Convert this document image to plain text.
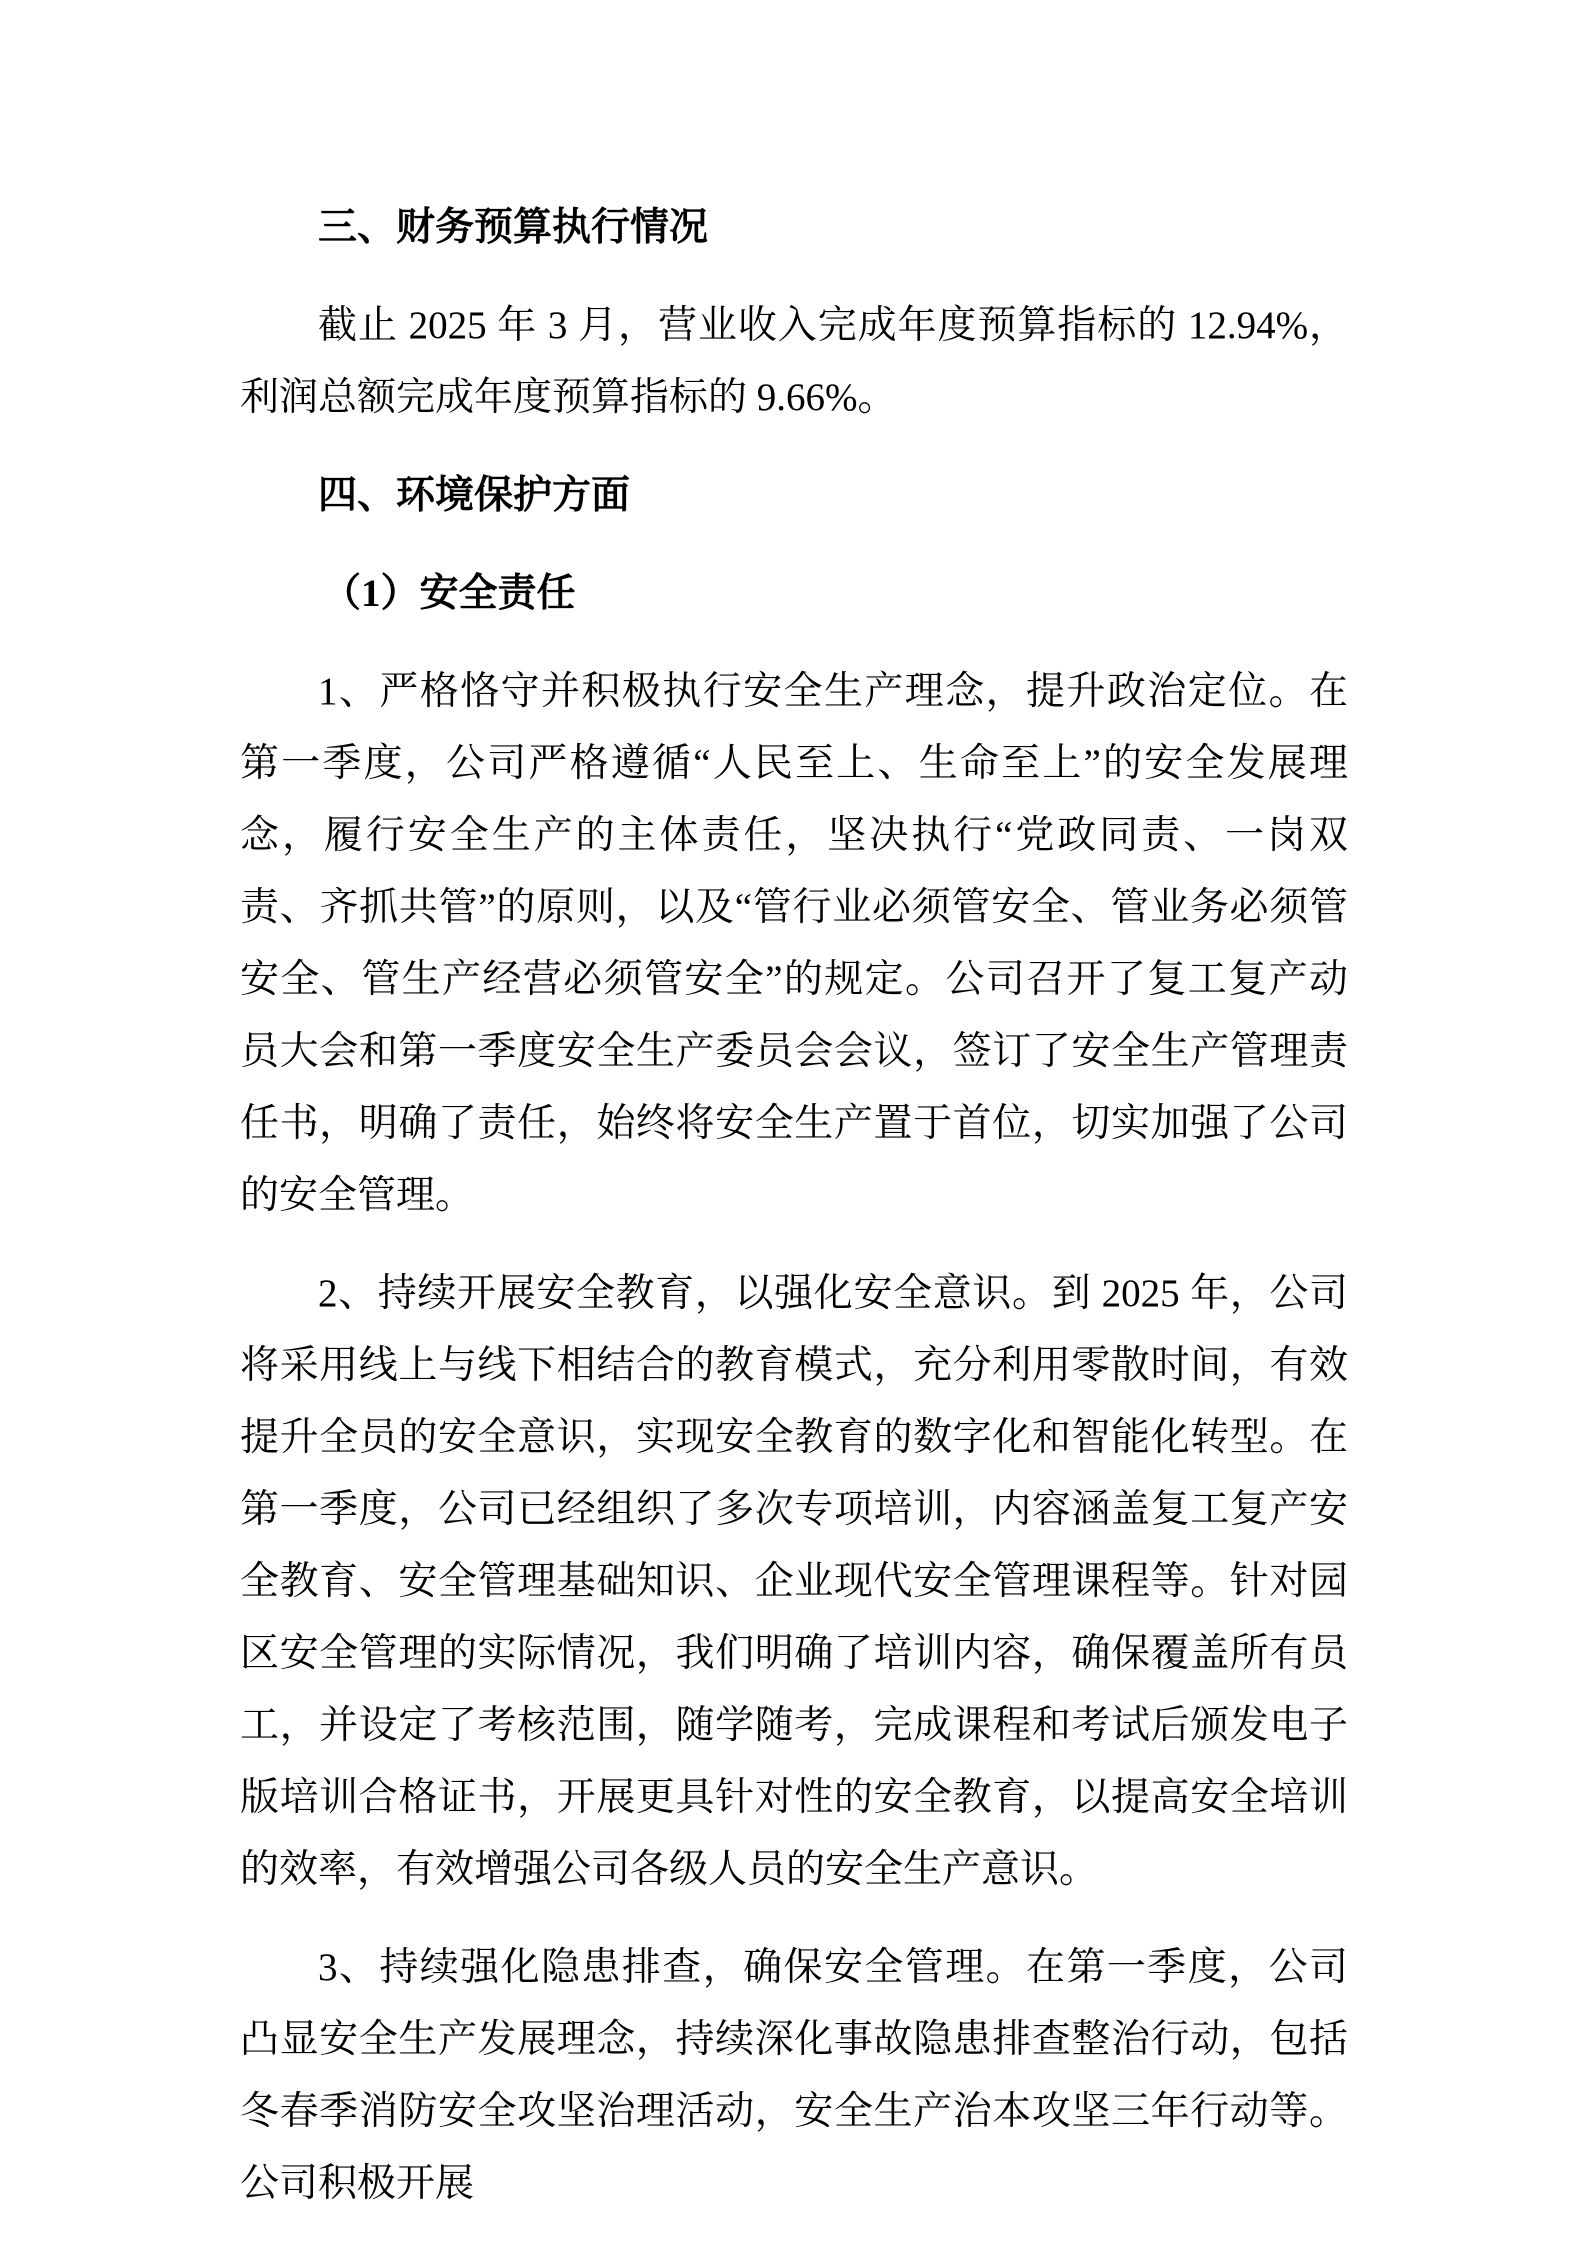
三、财务预算执行情况

截止 2025 年 3 月，营业收入完成年度预算指标的 12.94%，利润总额完成年度预算指标的 9.66%。

四、环境保护方面
（1）安全责任

1、严格恪守并积极执行安全生产理念，提升政治定位。在第一季度，公司严格遵循“人民至上、生命至上”的安全发展理念，履行安全生产的主体责任，坚决执行“党政同责、一岗双责、齐抓共管”的原则，以及“管行业必须管安全、管业务必须管安全、管生产经营必须管安全”的规定。公司召开了复工复产动员大会和第一季度安全生产委员会会议，签订了安全生产管理责任书，明确了责任，始终将安全生产置于首位，切实加强了公司的安全管理。

2、持续开展安全教育，以强化安全意识。到 2025 年，公司将采用线上与线下相结合的教育模式，充分利用零散时间，有效提升全员的安全意识，实现安全教育的数字化和智能化转型。在第一季度，公司已经组织了多次专项培训，内容涵盖复工复产安全教育、安全管理基础知识、企业现代安全管理课程等。针对园区安全管理的实际情况，我们明确了培训内容，确保覆盖所有员工，并设定了考核范围，随学随考，完成课程和考试后颁发电子版培训合格证书，开展更具针对性的安全教育，以提高安全培训的效率，有效增强公司各级人员的安全生产意识。

3、持续强化隐患排查，确保安全管理。在第一季度，公司凸显安全生产发展理念，持续深化事故隐患排查整治行动，包括冬春季消防安全攻坚治理活动，安全生产治本攻坚三年行动等。公司积极开展
